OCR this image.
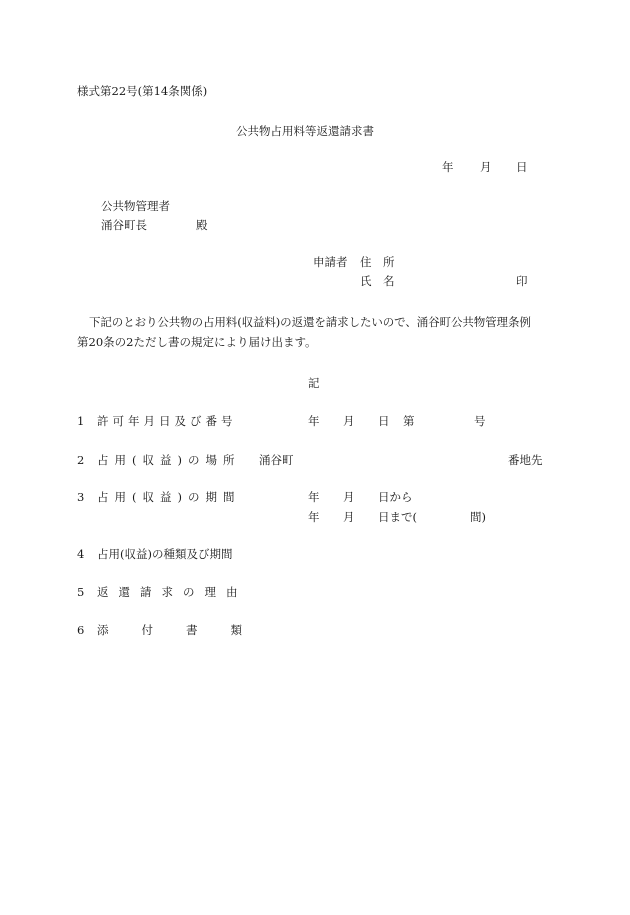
様式第22号(第14条関係)
公共物占用料等返還請求書
年 月 日
公共物管理者
涌谷町長	殿
申請者 住　所
氏　名	印
下記のとおり公共物の占用料(収益料)の返還を請求したいので、涌谷町公共物管理条例
第20条の2ただし書の規定により届け出ます。
記
1 許可年月日及び番号	年 月 日 第	号
2 占用(収益)の場所 涌谷町	番地先
3 占用(収益)の期間	年 月 日から
年 月 日まで(	間)
4 占用(収益)の種類及び期間
5 返還請求の理由
6 添付書類
